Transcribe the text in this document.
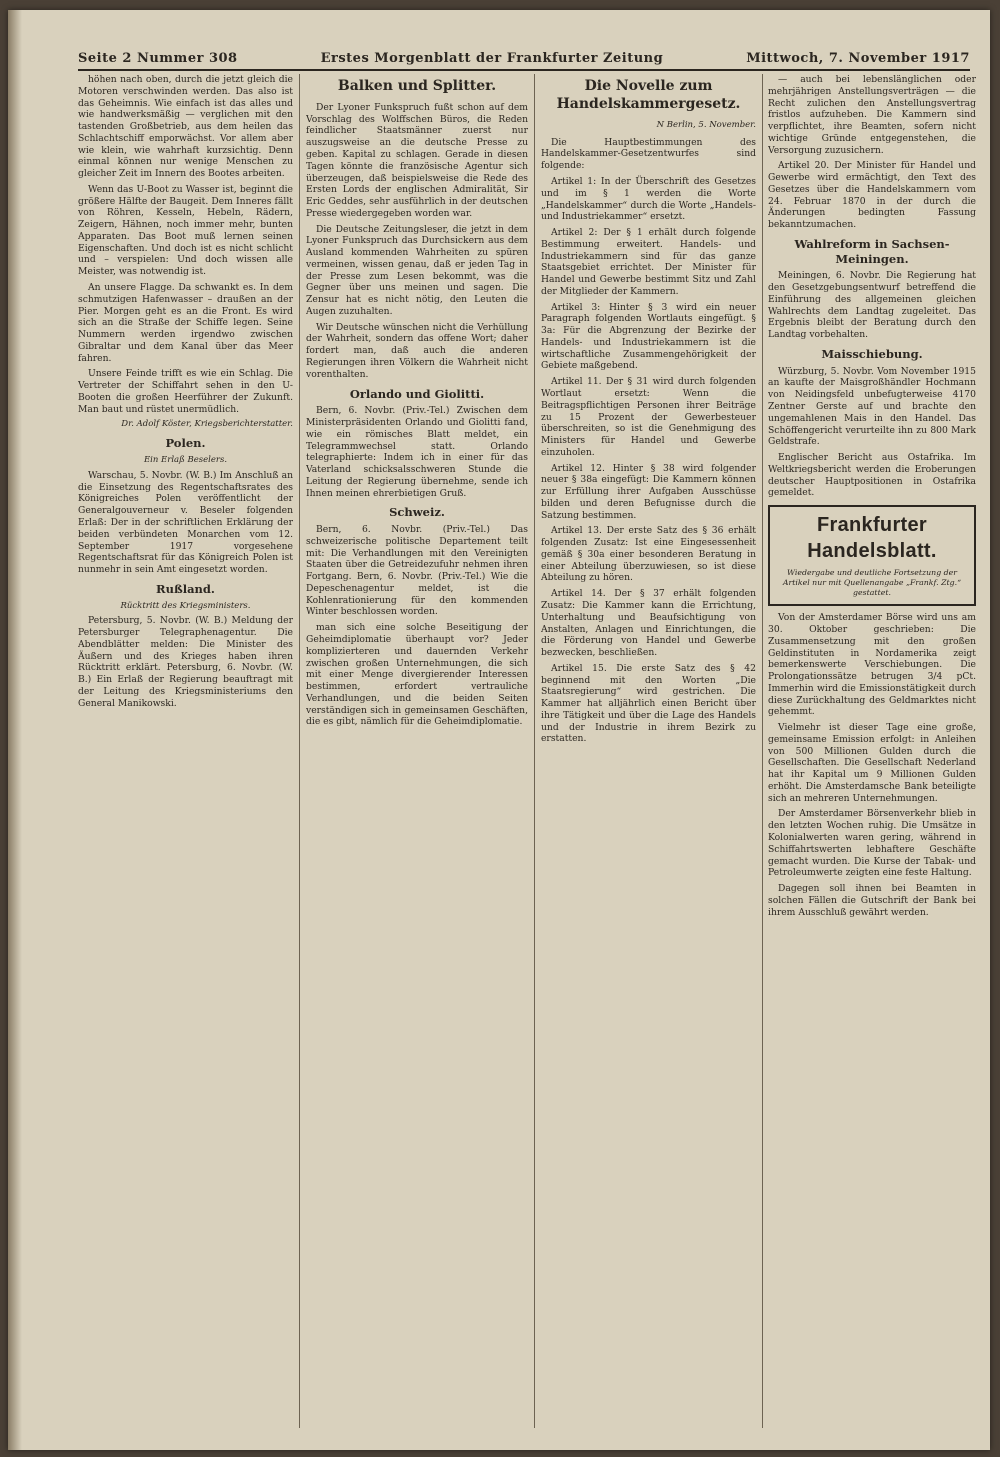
Seite 2 Nummer 308	Erstes Morgenblatt der Frankfurter Zeitung	Mittwoch, 7. November 1917

höhen nach oben, durch die jetzt gleich die Motoren verschwinden werden. Das also ist das Geheimnis. Wie einfach ist das alles und wie handwerksmäßig — verglichen mit den tastenden Großbetrieb, aus dem heilen das Schlachtschiff emporwächst. Vor allem aber wie klein, wie wahrhaft kurzsichtig. Denn einmal können nur wenige Menschen zu gleicher Zeit im Innern des Bootes arbeiten.

Wenn das U-Boot zu Wasser ist, beginnt die größere Hälfte der Baugeit. Dem Inneres fällt von Röhren, Kesseln, Hebeln, Rädern, Zeigern, Hähnen, noch immer mehr, bunten Apparaten. Das Boot muß lernen seinen Eigenschaften. Und doch ist es nicht schlicht und – verspielen: Und doch wissen alle Meister, was notwendig ist.

An unsere Flagge. Da schwankt es. In dem schmutzigen Hafenwasser – draußen an der Pier. Morgen geht es an die Front. Es wird sich an die Straße der Schiffe legen. Seine Nummern werden irgendwo zwischen Gibraltar und dem Kanal über das Meer fahren.

Unsere Feinde trifft es wie ein Schlag. Die Vertreter der Schiffahrt sehen in den U-Booten die großen Heerführer der Zukunft. Man baut und rüstet unermüdlich.

Dr. Adolf Köster, Kriegsberichterstatter.
Polen.
Ein Erlaß Beselers.

Warschau, 5. Novbr. (W. B.) Im Anschluß an die Einsetzung des Regentschaftsrates des Königreiches Polen veröffentlicht der Generalgouverneur v. Beseler folgenden Erlaß: Der in der schriftlichen Erklärung der beiden verbündeten Monarchen vom 12. September 1917 vorgesehene Regentschaftsrat für das Königreich Polen ist nunmehr in sein Amt eingesetzt worden.

Rußland.
Rücktritt des Kriegsministers.

Petersburg, 5. Novbr. (W. B.) Meldung der Petersburger Telegraphenagentur. Die Abendblätter melden: Die Minister des Äußern und des Krieges haben ihren Rücktritt erklärt. Petersburg, 6. Novbr. (W. B.) Ein Erlaß der Regierung beauftragt mit der Leitung des Kriegsministeriums den General Manikowski.

Balken und Splitter.

Der Lyoner Funkspruch fußt schon auf dem Vorschlag des Wolffschen Büros, die Reden feindlicher Staatsmänner zuerst nur auszugsweise an die deutsche Presse zu geben. Kapital zu schlagen. Gerade in diesen Tagen könnte die französische Agentur sich überzeugen, daß beispielsweise die Rede des Ersten Lords der englischen Admiralität, Sir Eric Geddes, sehr ausführlich in der deutschen Presse wiedergegeben worden war.

Die Deutsche Zeitungsleser, die jetzt in dem Lyoner Funkspruch das Durchsickern aus dem Ausland kommenden Wahrheiten zu spüren vermeinen, wissen genau, daß er jeden Tag in der Presse zum Lesen bekommt, was die Gegner über uns meinen und sagen. Die Zensur hat es nicht nötig, den Leuten die Augen zuzuhalten.

Wir Deutsche wünschen nicht die Verhüllung der Wahrheit, sondern das offene Wort; daher fordert man, daß auch die anderen Regierungen ihren Völkern die Wahrheit nicht vorenthalten.

Orlando und Giolitti.

Bern, 6. Novbr. (Priv.-Tel.) Zwischen dem Ministerpräsidenten Orlando und Giolitti fand, wie ein römisches Blatt meldet, ein Telegrammwechsel statt. Orlando telegraphierte: Indem ich in einer für das Vaterland schicksalsschweren Stunde die Leitung der Regierung übernehme, sende ich Ihnen meinen ehrerbietigen Gruß.

Schweiz.

Bern, 6. Novbr. (Priv.-Tel.) Das schweizerische politische Departement teilt mit: Die Verhandlungen mit den Vereinigten Staaten über die Getreidezufuhr nehmen ihren Fortgang. Bern, 6. Novbr. (Priv.-Tel.) Wie die Depeschenagentur meldet, ist die Kohlenrationierung für den kommenden Winter beschlossen worden.

man sich eine solche Beseitigung der Geheimdiplomatie überhaupt vor? Jeder komplizierteren und dauernden Verkehr zwischen großen Unternehmungen, die sich mit einer Menge divergierender Interessen bestimmen, erfordert vertrauliche Verhandlungen, und die beiden Seiten verständigen sich in gemeinsamen Geschäften, die es gibt, nämlich für die Geheimdiplomatie.

Die Novelle zum Handelskammergesetz.
N Berlin, 5. November.

Die Hauptbestimmungen des Handelskammer-Gesetzentwurfes sind folgende:

Artikel 1: In der Überschrift des Gesetzes und im § 1 werden die Worte „Handelskammer“ durch die Worte „Handels- und Industriekammer“ ersetzt.

Artikel 2: Der § 1 erhält durch folgende Bestimmung erweitert. Handels- und Industriekammern sind für das ganze Staatsgebiet errichtet. Der Minister für Handel und Gewerbe bestimmt Sitz und Zahl der Mitglieder der Kammern.

Artikel 3: Hinter § 3 wird ein neuer Paragraph folgenden Wortlauts eingefügt. § 3a: Für die Abgrenzung der Bezirke der Handels- und Industriekammern ist die wirtschaftliche Zusammengehörigkeit der Gebiete maßgebend.

Artikel 11. Der § 31 wird durch folgenden Wortlaut ersetzt: Wenn die Beitragspflichtigen Personen ihrer Beiträge zu 15 Prozent der Gewerbesteuer überschreiten, so ist die Genehmigung des Ministers für Handel und Gewerbe einzuholen.

Artikel 12. Hinter § 38 wird folgender neuer § 38a eingefügt: Die Kammern können zur Erfüllung ihrer Aufgaben Ausschüsse bilden und deren Befugnisse durch die Satzung bestimmen.

Artikel 13. Der erste Satz des § 36 erhält folgenden Zusatz: Ist eine Eingesessenheit gemäß § 30a einer besonderen Beratung in einer Abteilung überzuwiesen, so ist diese Abteilung zu hören.

Artikel 14. Der § 37 erhält folgenden Zusatz: Die Kammer kann die Errichtung, Unterhaltung und Beaufsichtigung von Anstalten, Anlagen und Einrichtungen, die die Förderung von Handel und Gewerbe bezwecken, beschließen.

Artikel 15. Die erste Satz des § 42 beginnend mit den Worten „Die Staatsregierung“ wird gestrichen. Die Kammer hat alljährlich einen Bericht über ihre Tätigkeit und über die Lage des Handels und der Industrie in ihrem Bezirk zu erstatten.

— auch bei lebenslänglichen oder mehrjährigen Anstellungsverträgen — die Recht zulichen den Anstellungsvertrag fristlos aufzuheben. Die Kammern sind verpflichtet, ihre Beamten, sofern nicht wichtige Gründe entgegenstehen, die Versorgung zuzusichern.

Artikel 20. Der Minister für Handel und Gewerbe wird ermächtigt, den Text des Gesetzes über die Handelskammern vom 24. Februar 1870 in der durch die Änderungen bedingten Fassung bekanntzumachen.

Wahlreform in Sachsen-Meiningen.

Meiningen, 6. Novbr. Die Regierung hat den Gesetzgebungsentwurf betreffend die Einführung des allgemeinen gleichen Wahlrechts dem Landtag zugeleitet. Das Ergebnis bleibt der Beratung durch den Landtag vorbehalten.

Maisschiebung.

Würzburg, 5. Novbr. Vom November 1915 an kaufte der Maisgroßhändler Hochmann von Neidingsfeld unbefugterweise 4170 Zentner Gerste auf und brachte den ungemahlenen Mais in den Handel. Das Schöffengericht verurteilte ihn zu 800 Mark Geldstrafe.

Englischer Bericht aus Ostafrika. Im Weltkriegsbericht werden die Eroberungen deutscher Hauptpositionen in Ostafrika gemeldet.

Frankfurter Handelsblatt.
Wiedergabe und deutliche Fortsetzung der Artikel nur mit Quellenangabe „Frankf. Ztg.“ gestattet.

Von der Amsterdamer Börse wird uns am 30. Oktober geschrieben: Die Zusammensetzung mit den großen Geldinstituten in Nordamerika zeigt bemerkenswerte Verschiebungen. Die Prolongationssätze betrugen 3/4 pCt. Immerhin wird die Emissionstätigkeit durch diese Zurückhaltung des Geldmarktes nicht gehemmt.

Vielmehr ist dieser Tage eine große, gemeinsame Emission erfolgt: in Anleihen von 500 Millionen Gulden durch die Gesellschaften. Die Gesellschaft Nederland hat ihr Kapital um 9 Millionen Gulden erhöht. Die Amsterdamsche Bank beteiligte sich an mehreren Unternehmungen.

Der Amsterdamer Börsenverkehr blieb in den letzten Wochen ruhig. Die Umsätze in Kolonialwerten waren gering, während in Schiffahrtswerten lebhaftere Geschäfte gemacht wurden. Die Kurse der Tabak- und Petroleumwerte zeigten eine feste Haltung.

Dagegen soll ihnen bei Beamten in solchen Fällen die Gutschrift der Bank bei ihrem Ausschluß gewährt werden.
